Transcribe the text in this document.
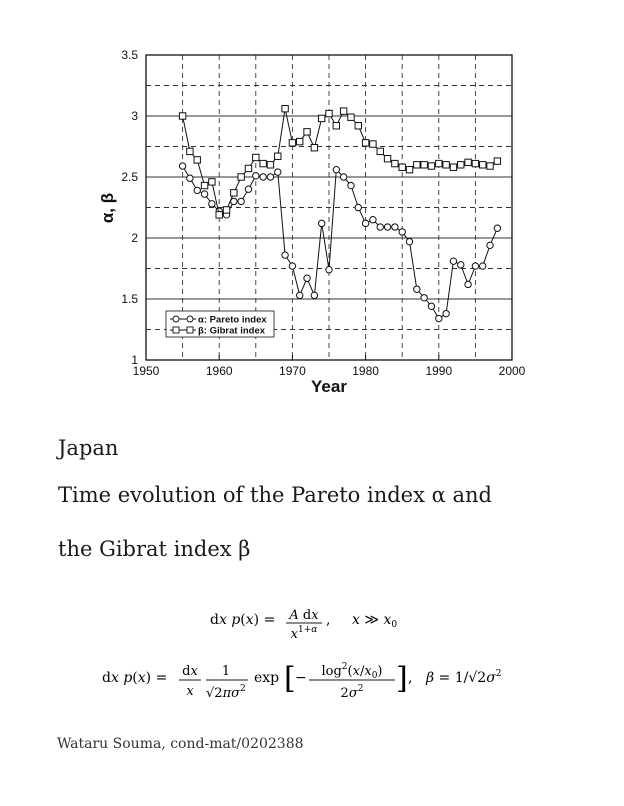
1950	1960	1970	1980	1990	2000
1
1.5
2
2.5
3
3.5
Year
α, β
α: Pareto index
β: Gibrat index
Japan
Time evolution of the Pareto index α and
the Gibrat index β
dx p(x) = A dx
$x^{1+\alpha}$
, x ≫ $x_0$
dx p(x) = dx
x
1
$√2\pi\sigma^2$
exp [ − $\log^2(x/x_0)$
$2\sigma^2$ ] , $\beta = 1/√2\sigma^2$
Wataru Souma, cond-mat/0202388
